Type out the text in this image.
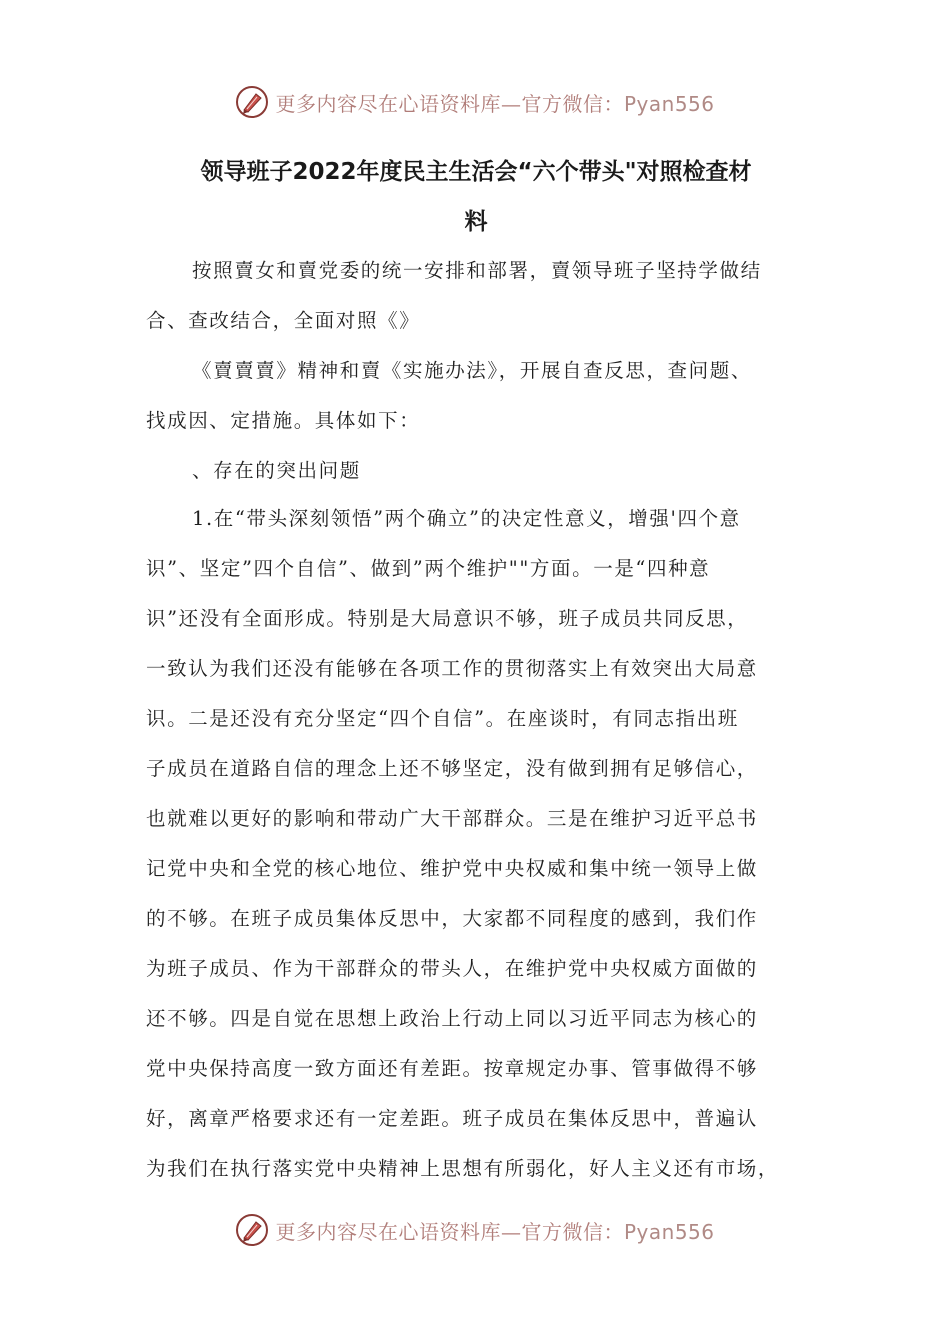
更多内容尽在心语资料库—官方微信：Pyan556
领导班子2022年度民主生活会“六个带头"对照检查材
料
按照賣女和賣党委的统一安排和部署，賣领导班子坚持学做结
合、查改结合，全面对照《》
《賣賣賣》精神和賣《实施办法》，开展自查反思，查问题、
找成因、定措施。具体如下：
、存在的突出问题
1.在“带头深刻领悟”两个确立”的决定性意义，增强'四个意
识”、坚定”四个自信”、做到”两个维护""方面。一是“四种意
识”还没有全面形成。特别是大局意识不够，班子成员共同反思，
一致认为我们还没有能够在各项工作的贯彻落实上有效突出大局意
识。二是还没有充分坚定“四个自信”。在座谈时，有同志指出班
子成员在道路自信的理念上还不够坚定，没有做到拥有足够信心，
也就难以更好的影响和带动广大干部群众。三是在维护习近平总书
记党中央和全党的核心地位、维护党中央权威和集中统一领导上做
的不够。在班子成员集体反思中，大家都不同程度的感到，我们作
为班子成员、作为干部群众的带头人，在维护党中央权威方面做的
还不够。四是自觉在思想上政治上行动上同以习近平同志为核心的
党中央保持高度一致方面还有差距。按章规定办事、管事做得不够
好，离章严格要求还有一定差距。班子成员在集体反思中，普遍认
为我们在执行落实党中央精神上思想有所弱化，好人主义还有市场，
更多内容尽在心语资料库—官方微信：Pyan556
